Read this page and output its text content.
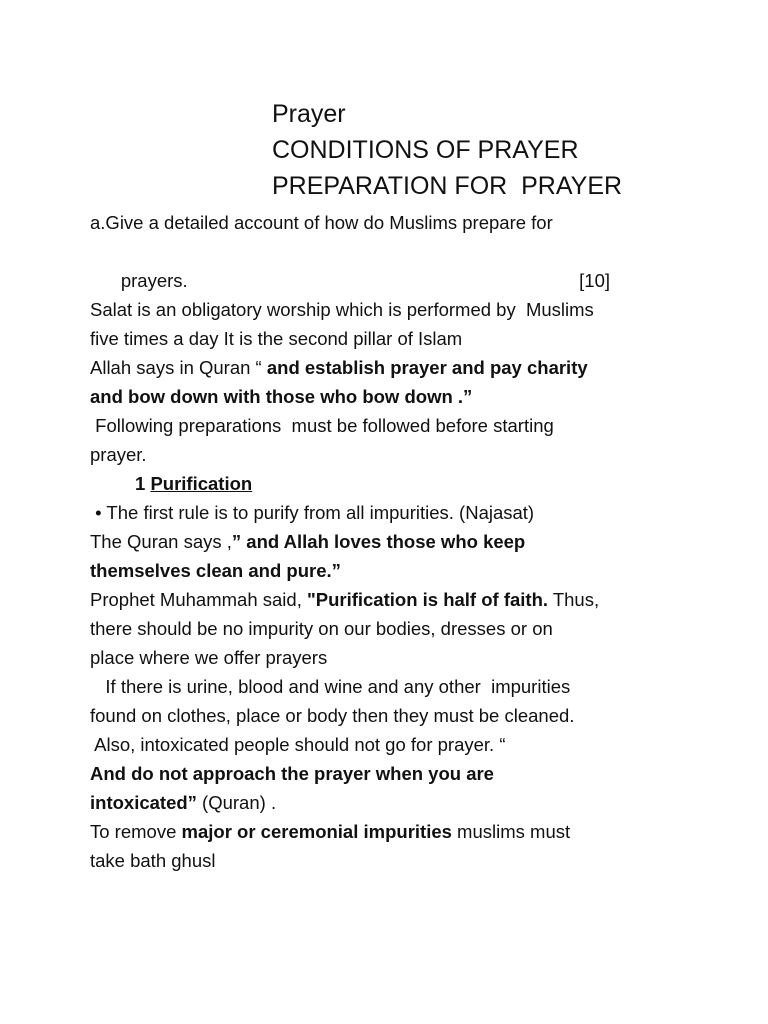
Prayer
CONDITIONS OF PRAYER
PREPARATION FOR  PRAYER
a.Give a detailed account of how do Muslims prepare for

prayers.	[10]

Salat is an obligatory worship which is performed by  Muslims
five times a day It is the second pillar of Islam
Allah says in Quran “ and establish prayer and pay charity
and bow down with those who bow down .”
Following preparations  must be followed before starting
prayer.
1 Purification
• The first rule is to purify from all impurities. (Najasat)
The Quran says ,” and Allah loves those who keep
themselves clean and pure.”
Prophet Muhammah said, "Purification is half of faith. Thus,
there should be no impurity on our bodies, dresses or on
place where we offer prayers
If there is urine, blood and wine and any other  impurities
found on clothes, place or body then they must be cleaned.
Also, intoxicated people should not go for prayer. “
And do not approach the prayer when you are
intoxicated” (Quran) .
To remove major or ceremonial impurities muslims must
take bath ghusl
